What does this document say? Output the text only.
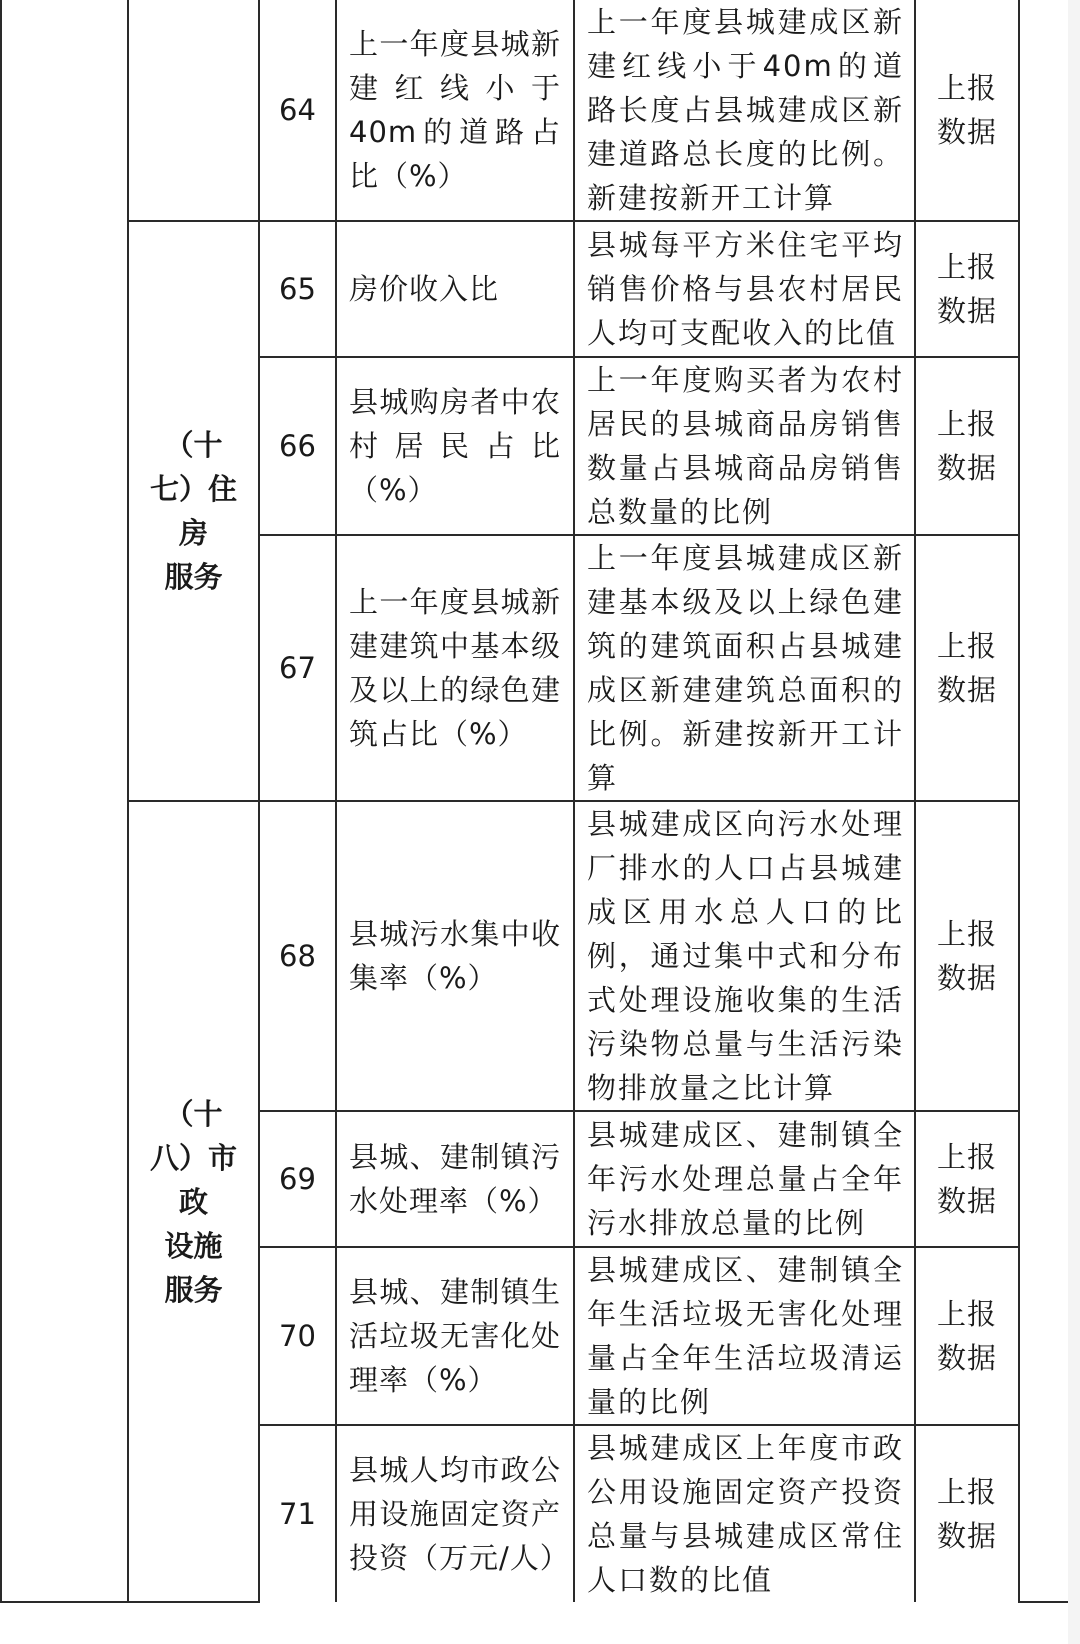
		64	上一年度县城新建红线小于40m的道路占比（%）	上一年度县城建成区新建红线小于40m的道路长度占县城建成区新建道路总长度的比例。新建按新开工计算	上报
数据	

	（十
七）住
房
服务	65	房价收入比	县城每平方米住宅平均销售价格与县农村居民人均可支配收入的比值	上报
数据	

		66	县城购房者中农村居民占比（%）	上一年度购买者为农村居民的县城商品房销售数量占县城商品房销售总数量的比例	上报
数据	

		67	上一年度县城新建建筑中基本级及以上的绿色建筑占比（%）	上一年度县城建成区新建基本级及以上绿色建筑的建筑面积占县城建成区新建建筑总面积的比例。新建按新开工计算	上报
数据	

	（十
八）市
政
设施
服务	68	县城污水集中收集率（%）	县城建成区向污水处理厂排水的人口占县城建成区用水总人口的比例，通过集中式和分布式处理设施收集的生活污染物总量与生活污染物排放量之比计算	上报
数据	

		69	县城、建制镇污水处理率（%）	县城建成区、建制镇全年污水处理总量占全年污水排放总量的比例	上报
数据	

		70	县城、建制镇生活垃圾无害化处理率（%）	县城建成区、建制镇全年生活垃圾无害化处理量占全年生活垃圾清运量的比例	上报
数据	

		71	县城人均市政公用设施固定资产投资（万元/人）	县城建成区上年度市政公用设施固定资产投资总量与县城建成区常住人口数的比值	上报
数据	
